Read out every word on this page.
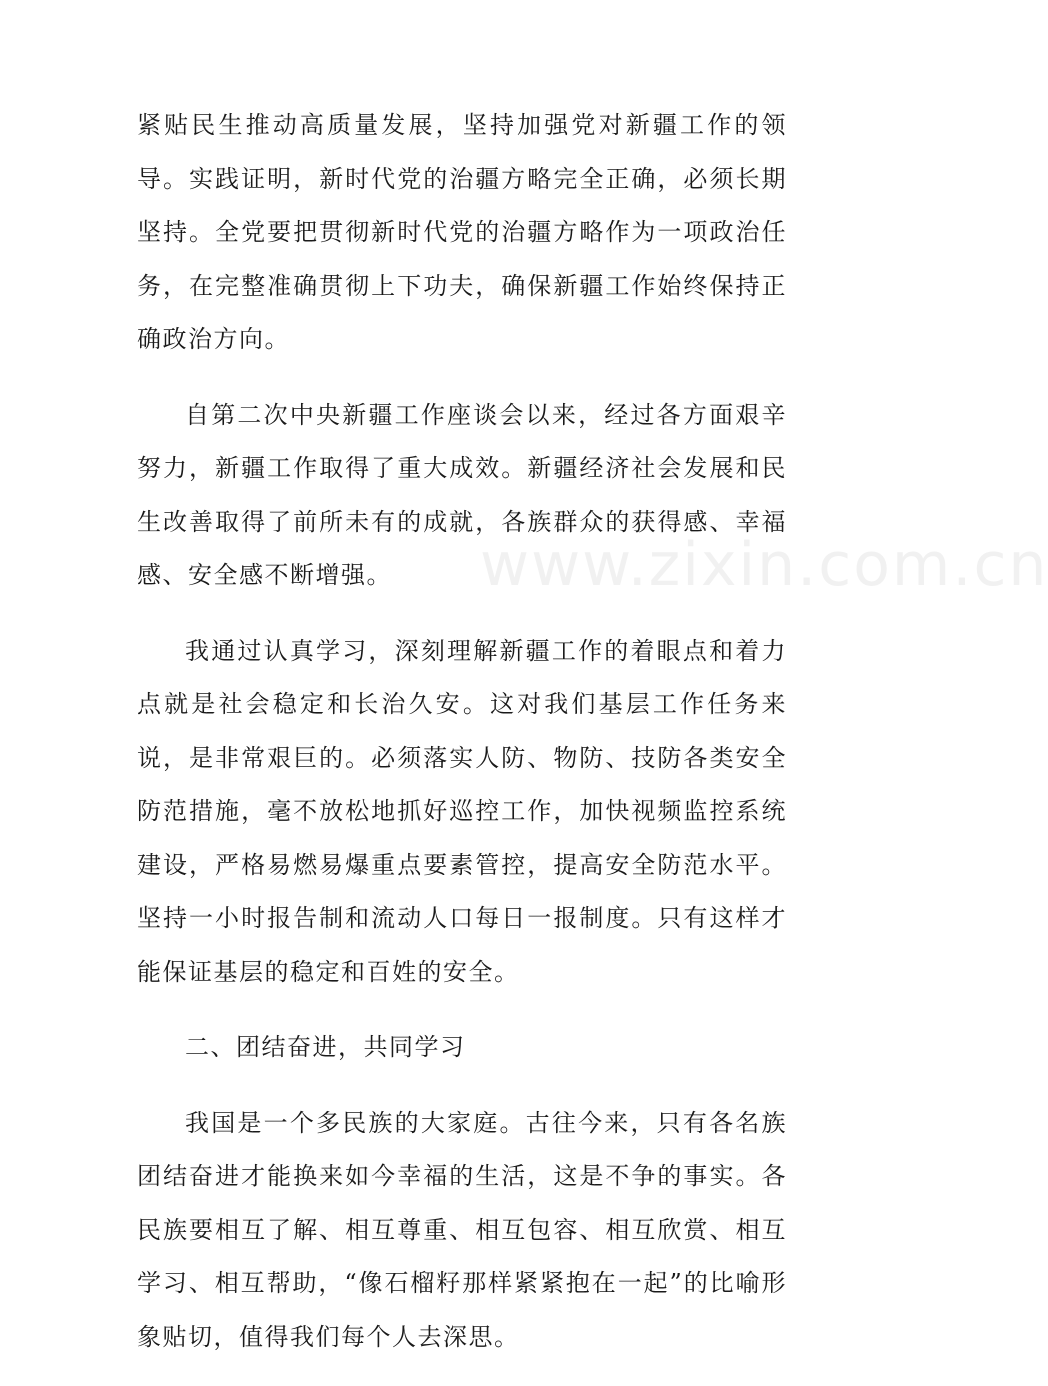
www.zixin.com.cn

紧贴民生推动高质量发展，坚持加强党对新疆工作的领导。实践证明，新时代党的治疆方略完全正确，必须长期坚持。全党要把贯彻新时代党的治疆方略作为一项政治任务，在完整准确贯彻上下功夫，确保新疆工作始终保持正确政治方向。

自第二次中央新疆工作座谈会以来，经过各方面艰辛努力，新疆工作取得了重大成效。新疆经济社会发展和民生改善取得了前所未有的成就，各族群众的获得感、幸福感、安全感不断增强。

我通过认真学习，深刻理解新疆工作的着眼点和着力点就是社会稳定和长治久安。这对我们基层工作任务来说，是非常艰巨的。必须落实人防、物防、技防各类安全防范措施，毫不放松地抓好巡控工作，加快视频监控系统建设，严格易燃易爆重点要素管控，提高安全防范水平。坚持一小时报告制和流动人口每日一报制度。只有这样才能保证基层的稳定和百姓的安全。

二、团结奋进，共同学习

我国是一个多民族的大家庭。古往今来，只有各名族团结奋进才能换来如今幸福的生活，这是不争的事实。各民族要相互了解、相互尊重、相互包容、相互欣赏、相互学习、相互帮助，“像石榴籽那样紧紧抱在一起”的比喻形象贴切，值得我们每个人去深思。
